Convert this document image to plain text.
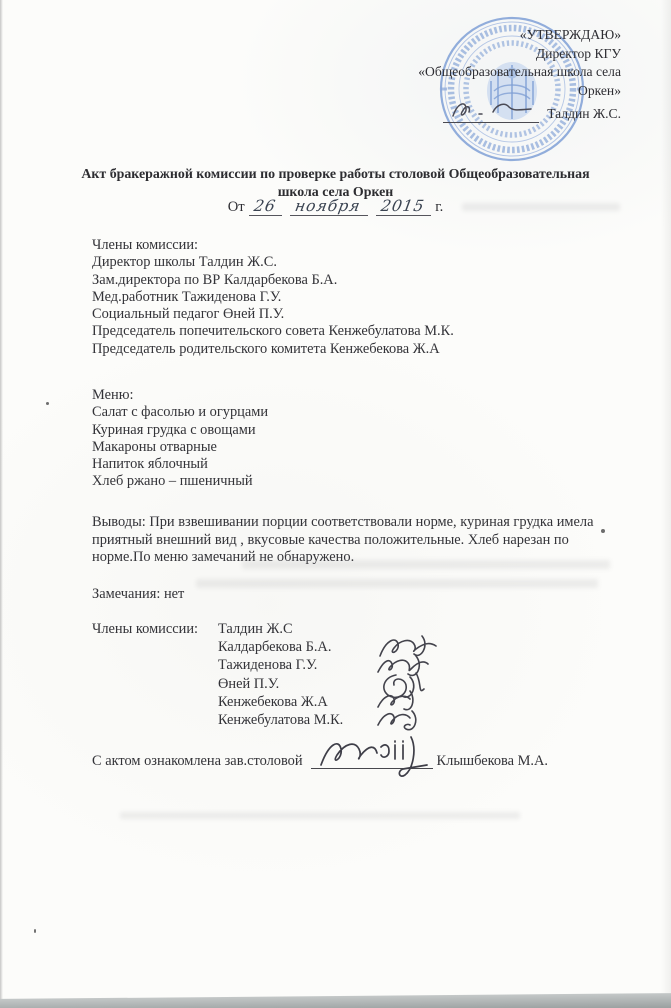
«УТВЕРЖДАЮ»
Директор КГУ
«Общеобразовательная школа села
Оркен»
Талдин Ж.С.
Акт бракеражной комиссии по проверке работы столовой Общеобразовательная
школа села Оркен
От 26 ноября 2015 г.
Члены комиссии:
Директор школы Талдин Ж.С.
Зам.директора по ВР Калдарбекова Б.А.
Мед.работник Тажиденова Г.У.
Социальный педагог Өней П.У.
Председатель попечительского совета Кенжебулатова М.К.
Председатель родительского комитета Кенжебекова Ж.А
Меню:
Салат с фасолью и огурцами
Куриная грудка с овощами
Макароны отварные
Напиток яблочный
Хлеб ржано – пшеничный
Выводы: При взвешивании порции соответствовали норме, куриная грудка имела приятный внешний вид , вкусовые качества положительные. Хлеб нарезан по норме.По меню замечаний не обнаружено.
Замечания: нет
Члены комиссии:	Талдин Ж.С
Калдарбекова Б.А.
Тажиденова Г.У.
Өней П.У.
Кенжебекова Ж.А
Кенжебулатова М.К.
С актом ознакомлена зав.столовой	Клышбекова М.А.
